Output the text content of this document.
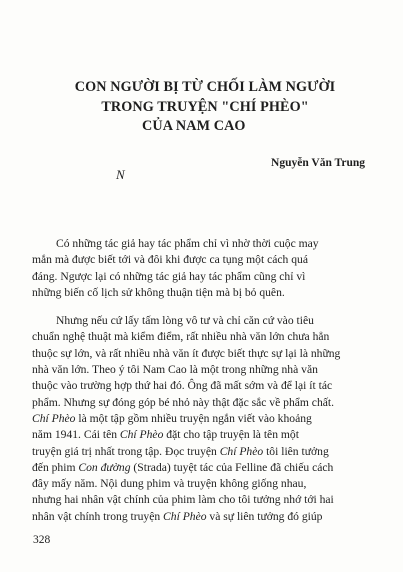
CON NGƯỜI BỊ TỪ CHỐI LÀM NGƯỜI
TRONG TRUYỆN "CHÍ PHÈO"
CỦA NAM CAO
Nguyễn Văn Trung
N

Có những tác giả hay tác phẩm chỉ vì nhờ thời cuộc may
mắn mà được biết tới và đôi khi được ca tụng một cách quá
đáng. Ngược lại có những tác giả hay tác phẩm cũng chỉ vì
những biến cố lịch sử không thuận tiện mà bị bỏ quên.

Nhưng nếu cứ lấy tấm lòng vô tư và chỉ căn cứ vào tiêu
chuẩn nghệ thuật mà kiểm điểm, rất nhiều nhà văn lớn chưa hẳn
thuộc sự lớn, và rất nhiều nhà văn ít được biết thực sự lại là những
nhà văn lớn. Theo ý tôi Nam Cao là một trong những nhà văn
thuộc vào trường hợp thứ hai đó. Ông đã mất sớm và để lại ít tác
phẩm. Nhưng sự đóng góp bé nhỏ này thật đặc sắc về phẩm chất.

Chí Phèo là một tập gồm nhiều truyện ngắn viết vào khoảng
năm 1941. Cái tên Chí Phèo đặt cho tập truyện là tên một
truyện giá trị nhất trong tập. Đọc truyện Chí Phèo tôi liên tưởng
đến phim Con đường (Strada) tuyệt tác của Felline đã chiếu cách
đây mấy năm. Nội dung phim và truyện không giống nhau,
nhưng hai nhân vật chính của phim làm cho tôi tưởng nhớ tới hai
nhân vật chính trong truyện Chí Phèo và sự liên tưởng đó giúp

328
